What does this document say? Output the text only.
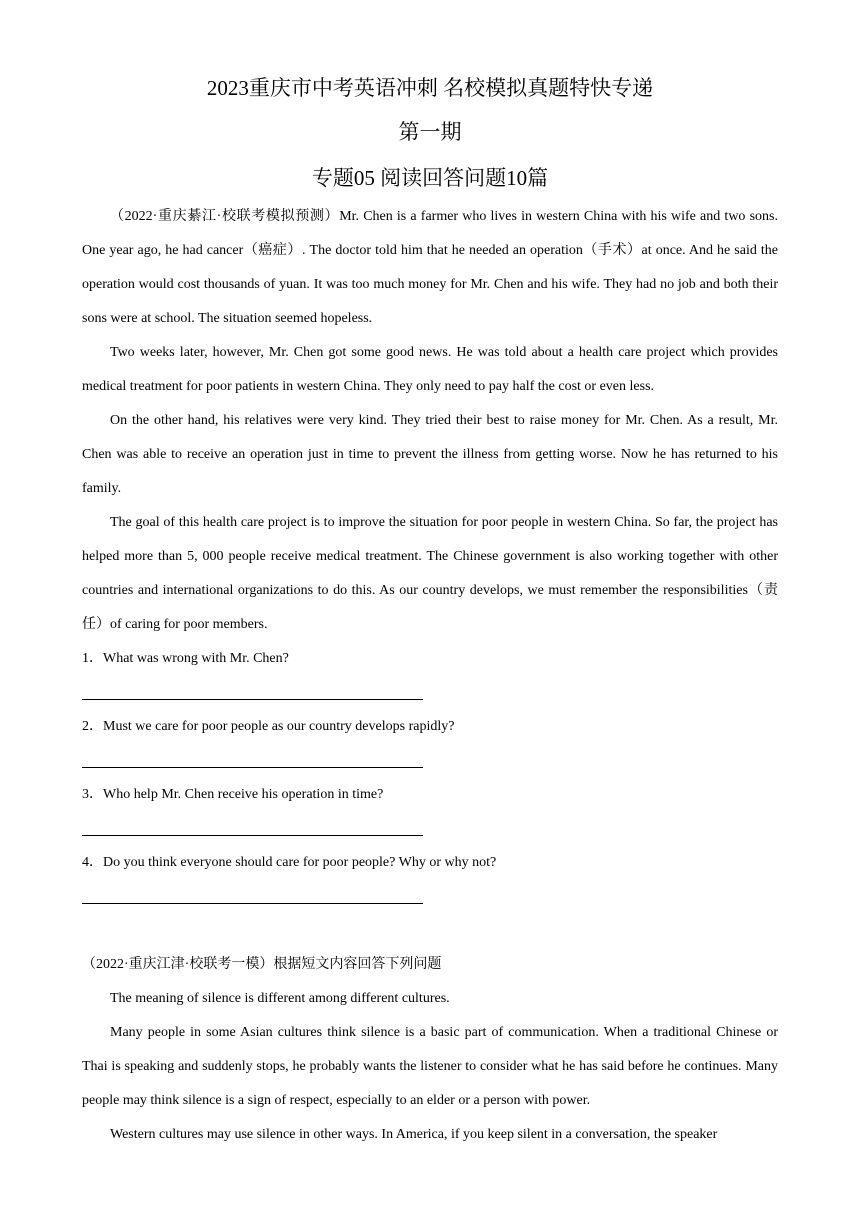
2023重庆市中考英语冲刺 名校模拟真题特快专递
第一期
专题05 阅读回答问题10篇

（2022·重庆綦江·校联考模拟预测）Mr. Chen is a farmer who lives in western China with his wife and two sons. One year ago, he had cancer（癌症）. The doctor told him that he needed an operation（手术）at once. And he said the operation would cost thousands of yuan. It was too much money for Mr. Chen and his wife. They had no job and both their sons were at school. The situation seemed hopeless.

Two weeks later, however, Mr. Chen got some good news. He was told about a health care project which provides medical treatment for poor patients in western China. They only need to pay half the cost or even less.

On the other hand, his relatives were very kind. They tried their best to raise money for Mr. Chen. As a result, Mr. Chen was able to receive an operation just in time to prevent the illness from getting worse. Now he has returned to his family.

The goal of this health care project is to improve the situation for poor people in western China. So far, the project has helped more than 5, 000 people receive medical treatment. The Chinese government is also working together with other countries and international organizations to do this. As our country develops, we must remember the responsibilities（责任）of caring for poor members.

1．What was wrong with Mr. Chen?

2．Must we care for poor people as our country develops rapidly?

3．Who help Mr. Chen receive his operation in time?

4．Do you think everyone should care for poor people? Why or why not?

（2022·重庆江津·校联考一模）根据短文内容回答下列问题

The meaning of silence is different among different cultures.

Many people in some Asian cultures think silence is a basic part of communication. When a traditional Chinese or Thai is speaking and suddenly stops, he probably wants the listener to consider what he has said before he continues. Many people may think silence is a sign of respect, especially to an elder or a person with power.

Western cultures may use silence in other ways. In America, if you keep silent in a conversation, the speaker
